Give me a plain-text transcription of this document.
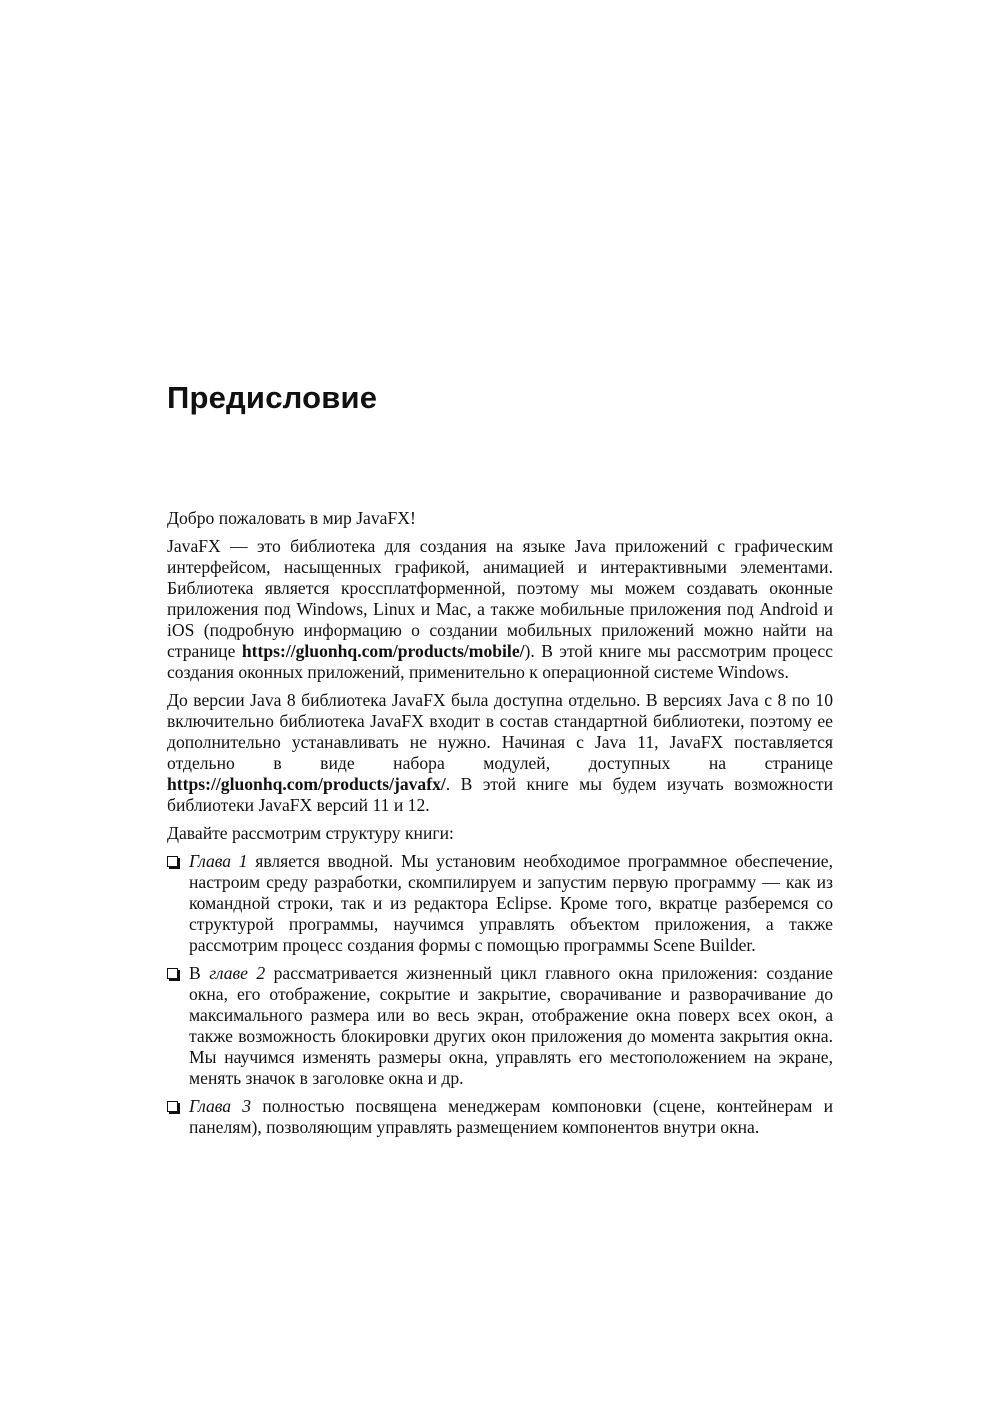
Предисловие

Добро пожаловать в мир JavaFX!

JavaFX — это библиотека для создания на языке Java приложений с графическим интерфейсом, насыщенных графикой, анимацией и интерактивными элементами. Библиотека является кроссплатформенной, поэтому мы можем создавать оконные приложения под Windows, Linux и Mac, а также мобильные приложения под Android и iOS (подробную информацию о создании мобильных приложений можно найти на странице https://gluonhq.com/products/mobile/). В этой книге мы рассмотрим процесс создания оконных приложений, применительно к операционной системе Windows.

До версии Java 8 библиотека JavaFX была доступна отдельно. В версиях Java с 8 по 10 включительно библиотека JavaFX входит в состав стандартной библиотеки, поэтому ее дополнительно устанавливать не нужно. Начиная с Java 11, JavaFX поставляется отдельно в виде набора модулей, доступных на странице https://gluonhq.com/products/javafx/. В этой книге мы будем изучать возможности библиотеки JavaFX версий 11 и 12.

Давайте рассмотрим структуру книги:

Глава 1 является вводной. Мы установим необходимое программное обеспечение, настроим среду разработки, скомпилируем и запустим первую программу — как из командной строки, так и из редактора Eclipse. Кроме того, вкратце разберемся со структурой программы, научимся управлять объектом приложения, а также рассмотрим процесс создания формы с помощью программы Scene Builder.
В главе 2 рассматривается жизненный цикл главного окна приложения: создание окна, его отображение, сокрытие и закрытие, сворачивание и разворачивание до максимального размера или во весь экран, отображение окна поверх всех окон, а также возможность блокировки других окон приложения до момента закрытия окна. Мы научимся изменять размеры окна, управлять его местоположением на экране, менять значок в заголовке окна и др.
Глава 3 полностью посвящена менеджерам компоновки (сцене, контейнерам и панелям), позволяющим управлять размещением компонентов внутри окна.
